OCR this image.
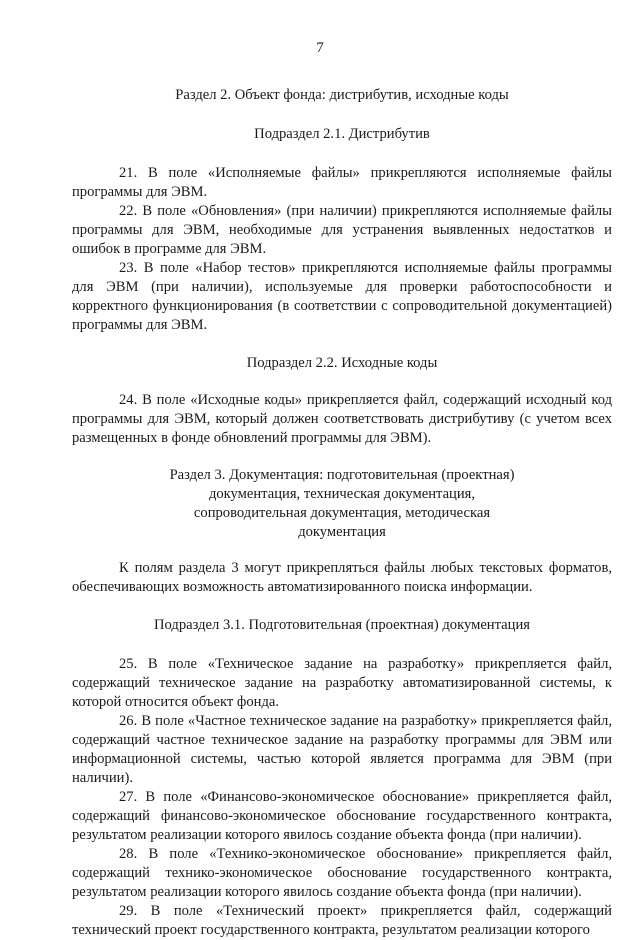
7

Раздел 2. Объект фонда: дистрибутив, исходные коды

Подраздел 2.1. Дистрибутив

21. В поле «Исполняемые файлы» прикрепляются исполняемые файлы программы для ЭВМ.

22. В поле «Обновления» (при наличии) прикрепляются исполняемые файлы программы для ЭВМ, необходимые для устранения выявленных недостатков и ошибок в программе для ЭВМ.

23. В поле «Набор тестов» прикрепляются исполняемые файлы программы для ЭВМ (при наличии), используемые для проверки работоспособности и корректного функционирования (в соответствии с сопроводительной документацией) программы для ЭВМ.

Подраздел 2.2. Исходные коды

24. В поле «Исходные коды» прикрепляется файл, содержащий исходный код программы для ЭВМ, который должен соответствовать дистрибутиву (с учетом всех размещенных в фонде обновлений программы для ЭВМ).

Раздел 3. Документация: подготовительная (проектная) документация, техническая документация, сопроводительная документация, методическая документация

К полям раздела 3 могут прикрепляться файлы любых текстовых форматов, обеспечивающих возможность автоматизированного поиска информации.

Подраздел 3.1. Подготовительная (проектная) документация

25. В поле «Техническое задание на разработку» прикрепляется файл, содержащий техническое задание на разработку автоматизированной системы, к которой относится объект фонда.

26. В поле «Частное техническое задание на разработку» прикрепляется файл, содержащий частное техническое задание на разработку программы для ЭВМ или информационной системы, частью которой является программа для ЭВМ (при наличии).

27. В поле «Финансово-экономическое обоснование» прикрепляется файл, содержащий финансово-экономическое обоснование государственного контракта, результатом реализации которого явилось создание объекта фонда (при наличии).

28. В поле «Технико-экономическое обоснование» прикрепляется файл, содержащий технико-экономическое обоснование государственного контракта, результатом реализации которого явилось создание объекта фонда (при наличии).

29. В поле «Технический проект» прикрепляется файл, содержащий технический проект государственного контракта, результатом реализации которого
